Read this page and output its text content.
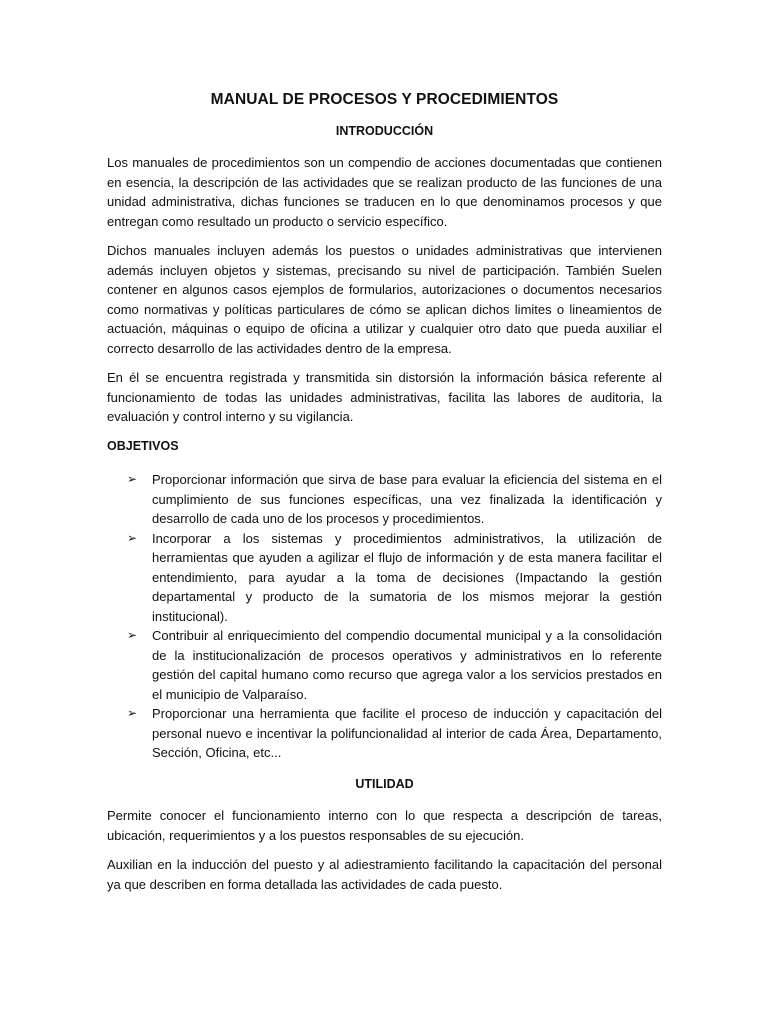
MANUAL DE PROCESOS Y PROCEDIMIENTOS
INTRODUCCIÓN

Los manuales de procedimientos son un compendio de acciones documentadas que contienen en esencia, la descripción de las actividades que se realizan producto de las funciones de una unidad administrativa, dichas funciones se traducen en lo que denominamos procesos y que entregan como resultado un producto o servicio específico.

Dichos manuales incluyen además los puestos o unidades administrativas que intervienen además incluyen objetos y sistemas, precisando su nivel de participación. También Suelen contener en algunos casos ejemplos de formularios, autorizaciones o documentos necesarios como normativas y políticas particulares de cómo se aplican dichos limites o lineamientos de actuación, máquinas o equipo de oficina a utilizar y cualquier otro dato que pueda auxiliar el correcto desarrollo de las actividades dentro de la empresa.

En él se encuentra registrada y transmitida sin distorsión la información básica referente al funcionamiento de todas las unidades administrativas, facilita las labores de auditoria, la evaluación y control interno y su vigilancia.

OBJETIVOS
➢ Proporcionar información que sirva de base para evaluar la eficiencia del sistema en el cumplimiento de sus funciones específicas, una vez finalizada la identificación y desarrollo de cada uno de los procesos y procedimientos.
➢ Incorporar a los sistemas y procedimientos administrativos, la utilización de herramientas que ayuden a agilizar el flujo de información y de esta manera facilitar el entendimiento, para ayudar a la toma de decisiones (Impactando la gestión departamental y producto de la sumatoria de los mismos mejorar la gestión institucional).
➢ Contribuir al enriquecimiento del compendio documental municipal y a la consolidación de la institucionalización de procesos operativos y administrativos en lo referente gestión del capital humano como recurso que agrega valor a los servicios prestados en el municipio de Valparaíso.
➢ Proporcionar una herramienta que facilite el proceso de inducción y capacitación del personal nuevo e incentivar la polifuncionalidad al interior de cada Área, Departamento, Sección, Oficina, etc...
UTILIDAD

Permite conocer el funcionamiento interno con lo que respecta a descripción de tareas, ubicación, requerimientos y a los puestos responsables de su ejecución.

Auxilian en la inducción del puesto y al adiestramiento facilitando la capacitación del personal ya que describen en forma detallada las actividades de cada puesto.
